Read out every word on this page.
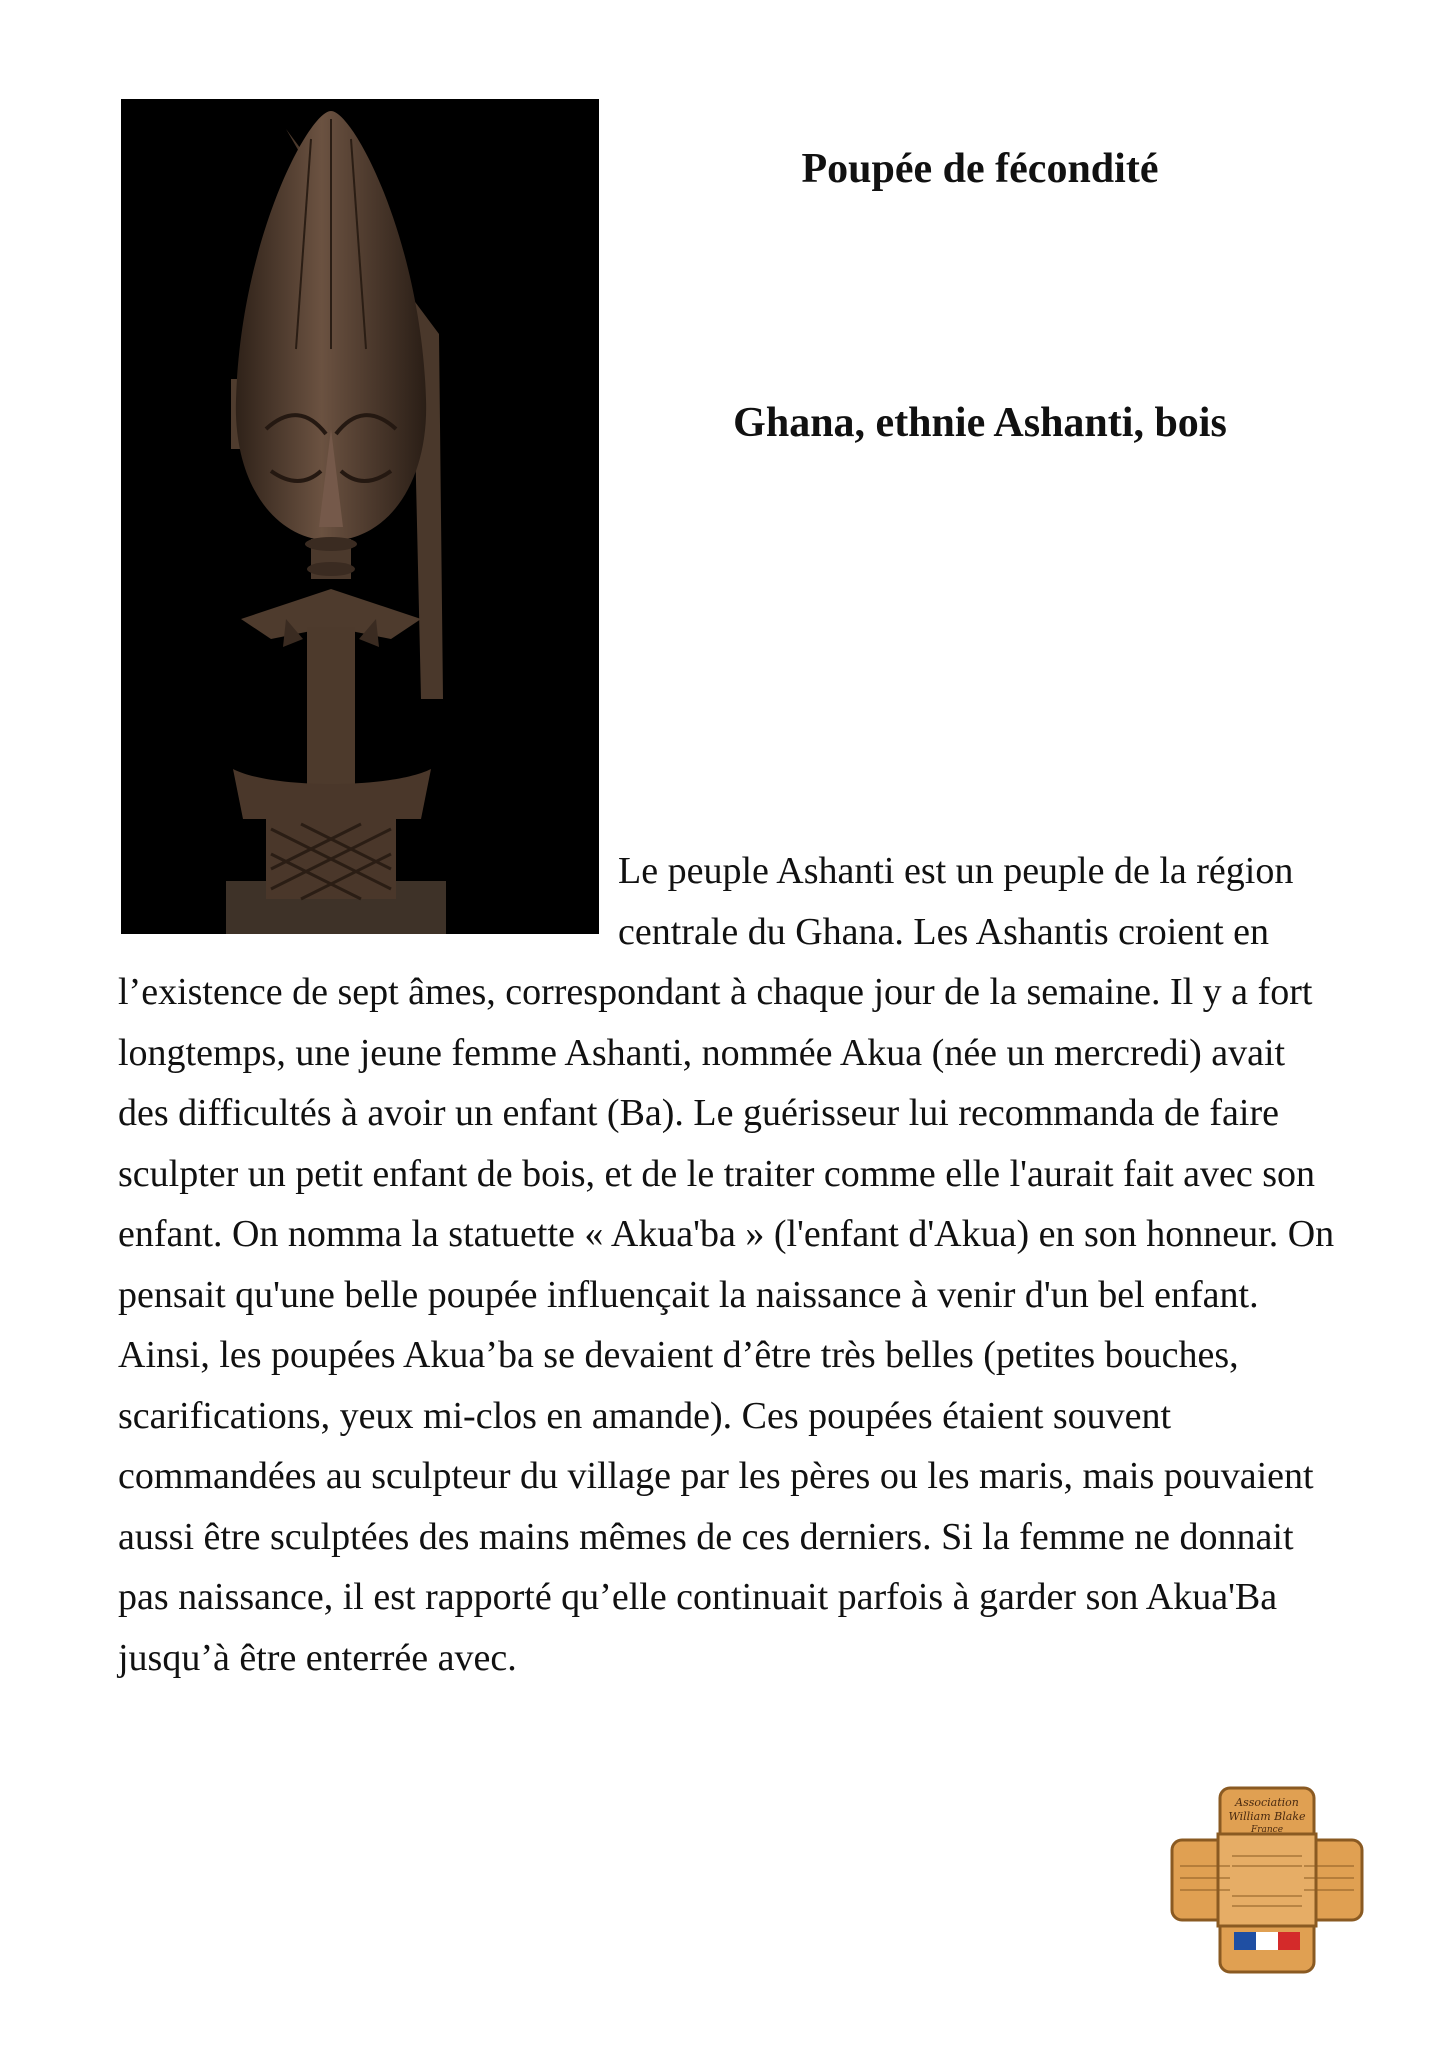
Poupée de fécondité
Ghana, ethnie Ashanti, bois

Le peuple Ashanti est un peuple de la région centrale du Ghana. Les Ashantis croient en l’existence de sept âmes, correspondant à chaque jour de la semaine. Il y a fort longtemps, une jeune femme Ashanti, nommée Akua (née un mercredi) avait des difficultés à avoir un enfant (Ba). Le guérisseur lui recommanda de faire sculpter un petit enfant de bois, et de le traiter comme elle l'aurait fait avec son enfant. On nomma la statuette « Akua'ba » (l'enfant d'Akua) en son honneur. On pensait qu'une belle poupée influençait la naissance à venir d'un bel enfant. Ainsi, les poupées Akua’ba se devaient d’être très belles (petites bouches, scarifications, yeux mi-clos en amande). Ces poupées étaient souvent commandées au sculpteur du village par les pères ou les maris, mais pouvaient aussi être sculptées des mains mêmes de ces derniers. Si la femme ne donnait pas naissance, il est rapporté qu’elle continuait parfois à garder son Akua'Ba jusqu’à être enterrée avec.

Association
William Blake
France
